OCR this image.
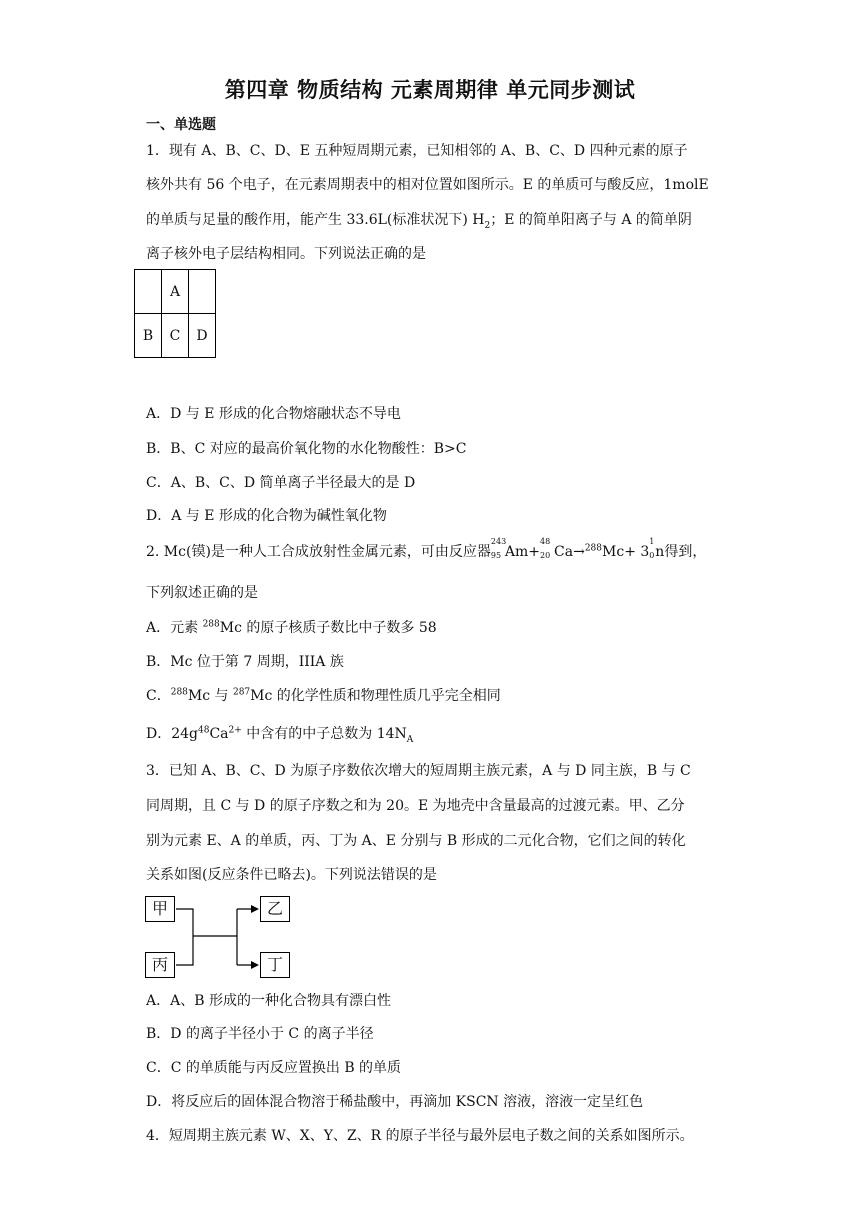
第四章 物质结构 元素周期律 单元同步测试
一、单选题
1．现有 A、B、C、D、E 五种短周期元素，已知相邻的 A、B、C、D 四种元素的原子
核外共有 56 个电子，在元素周期表中的相对位置如图所示。E 的单质可与酸反应，1molE
的单质与足量的酸作用，能产生 33.6L(标准状况下) $H_2$；E 的简单阳离子与 A 的简单阴
离子核外电子层结构相同。下列说法正确的是
	A	
B	C	D
A．D 与 E 形成的化合物熔融状态不导电
B．B、C 对应的最高价氧化物的水化物酸性：B>C
C．A、B、C、D 简单离子半径最大的是 D
D．A 与 E 形成的化合物为碱性氧化物
2. Mc(镆)是一种人工合成放射性金属元素，可由反应器
243
95 Am+
48
20 Ca→$^{288}$Mc+ 3
1
0 n得到，
下列叙述正确的是
A．元素 $^{288}$Mc 的原子核质子数比中子数多 58
B．Mc 位于第 7 周期，IIIA 族
C．$^{288}$Mc 与 $^{287}$Mc 的化学性质和物理性质几乎完全相同
D．$24g^{48}Ca^{2+}$ 中含有的中子总数为 $14N_A$
3．已知 A、B、C、D 为原子序数依次增大的短周期主族元素，A 与 D 同主族，B 与 C
同周期，且 C 与 D 的原子序数之和为 20。E 为地壳中含量最高的过渡元素。甲、乙分
别为元素 E、A 的单质，丙、丁为 A、E 分别与 B 形成的二元化合物，它们之间的转化
关系如图(反应条件已略去)。下列说法错误的是
甲
丙
乙
丁
A．A、B 形成的一种化合物具有漂白性
B．D 的离子半径小于 C 的离子半径
C．C 的单质能与丙反应置换出 B 的单质
D．将反应后的固体混合物溶于稀盐酸中，再滴加 KSCN 溶液，溶液一定呈红色
4．短周期主族元素 W、X、Y、Z、R 的原子半径与最外层电子数之间的关系如图所示。
